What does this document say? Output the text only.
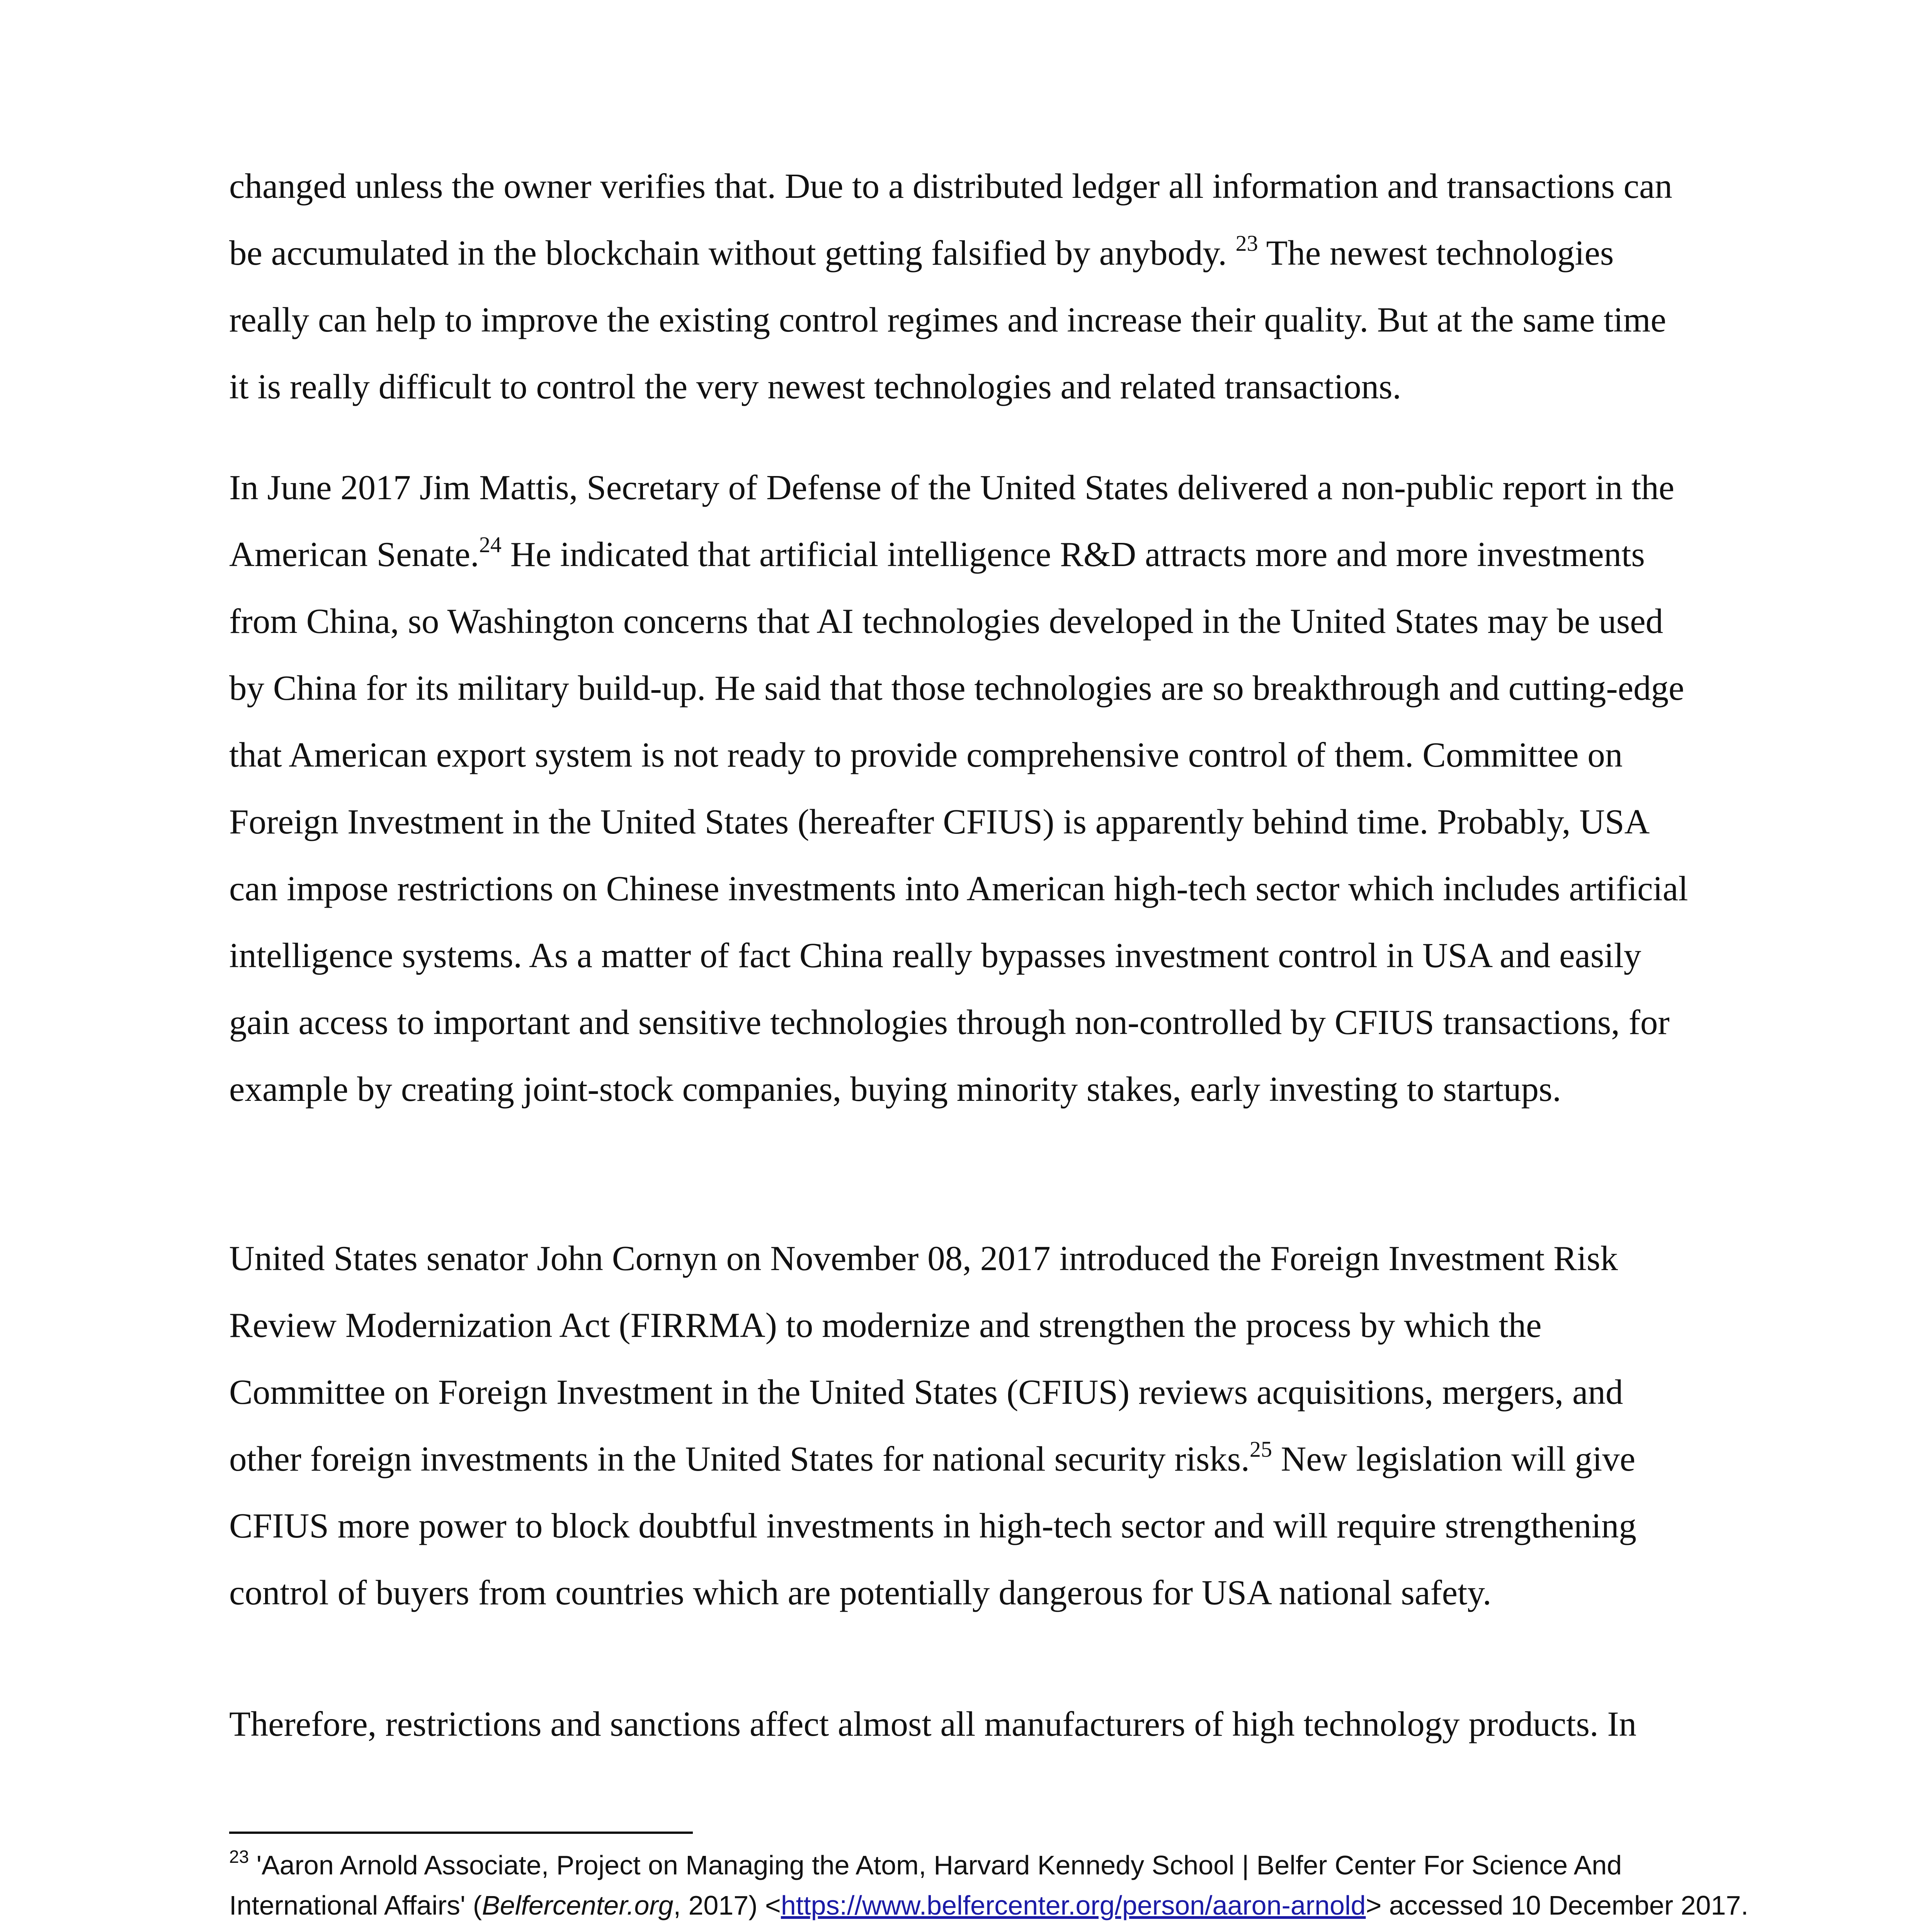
changed unless the owner verifies that. Due to a distributed ledger all information and transactions can be accumulated in the blockchain without getting falsified by anybody. $^{23}$ The newest technologies really can help to improve the existing control regimes and increase their quality. But at the same time it is really difficult to control the very newest technologies and related transactions.

In June 2017 Jim Mattis, Secretary of Defense of the United States delivered a non-public report in the American Senate.$^{24}$ He indicated that artificial intelligence R&D attracts more and more investments from China, so Washington concerns that AI technologies developed in the United States may be used by China for its military build-up. He said that those technologies are so breakthrough and cutting-edge that American export system is not ready to provide comprehensive control of them. Committee on Foreign Investment in the United States (hereafter CFIUS) is apparently behind time. Probably, USA can impose restrictions on Chinese investments into American high-tech sector which includes artificial intelligence systems. As a matter of fact China really bypasses investment control in USA and easily gain access to important and sensitive technologies through non-controlled by CFIUS transactions, for example by creating joint-stock companies, buying minority stakes, early investing to startups.

United States senator John Cornyn on November 08, 2017 introduced the Foreign Investment Risk Review Modernization Act (FIRRMA) to modernize and strengthen the process by which the Committee on Foreign Investment in the United States (CFIUS) reviews acquisitions, mergers, and other foreign investments in the United States for national security risks.$^{25}$ New legislation will give CFIUS more power to block doubtful investments in high-tech sector and will require strengthening control of buyers from countries which are potentially dangerous for USA national safety.

Therefore, restrictions and sanctions affect almost all manufacturers of high technology products. In

$^{23}$ 'Aaron Arnold Associate, Project on Managing the Atom, Harvard Kennedy School | Belfer Center For Science And International Affairs' (Belfercenter.org, 2017) <https://www.belfercenter.org/person/aaron-arnold> accessed 10 December 2017.
